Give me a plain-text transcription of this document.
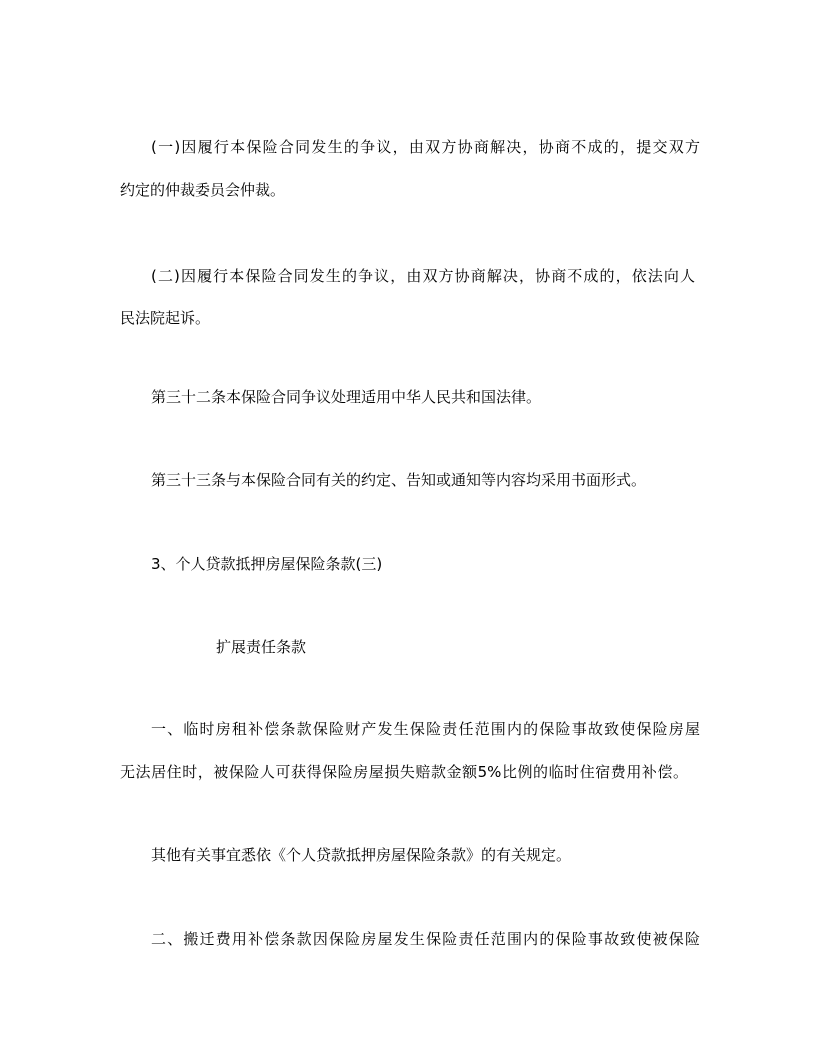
(一)因履行本保险合同发生的争议，由双方协商解决，协商不成的，提交双方
约定的仲裁委员会仲裁。
(二)因履行本保险合同发生的争议，由双方协商解决，协商不成的，依法向人
民法院起诉。
第三十二条本保险合同争议处理适用中华人民共和国法律。
第三十三条与本保险合同有关的约定、告知或通知等内容均采用书面形式。
3、个人贷款抵押房屋保险条款(三)
扩展责任条款
一、临时房租补偿条款保险财产发生保险责任范围内的保险事故致使保险房屋
无法居住时，被保险人可获得保险房屋损失赔款金额5%比例的临时住宿费用补偿。
其他有关事宜悉依《个人贷款抵押房屋保险条款》的有关规定。
二、搬迁费用补偿条款因保险房屋发生保险责任范围内的保险事故致使被保险
